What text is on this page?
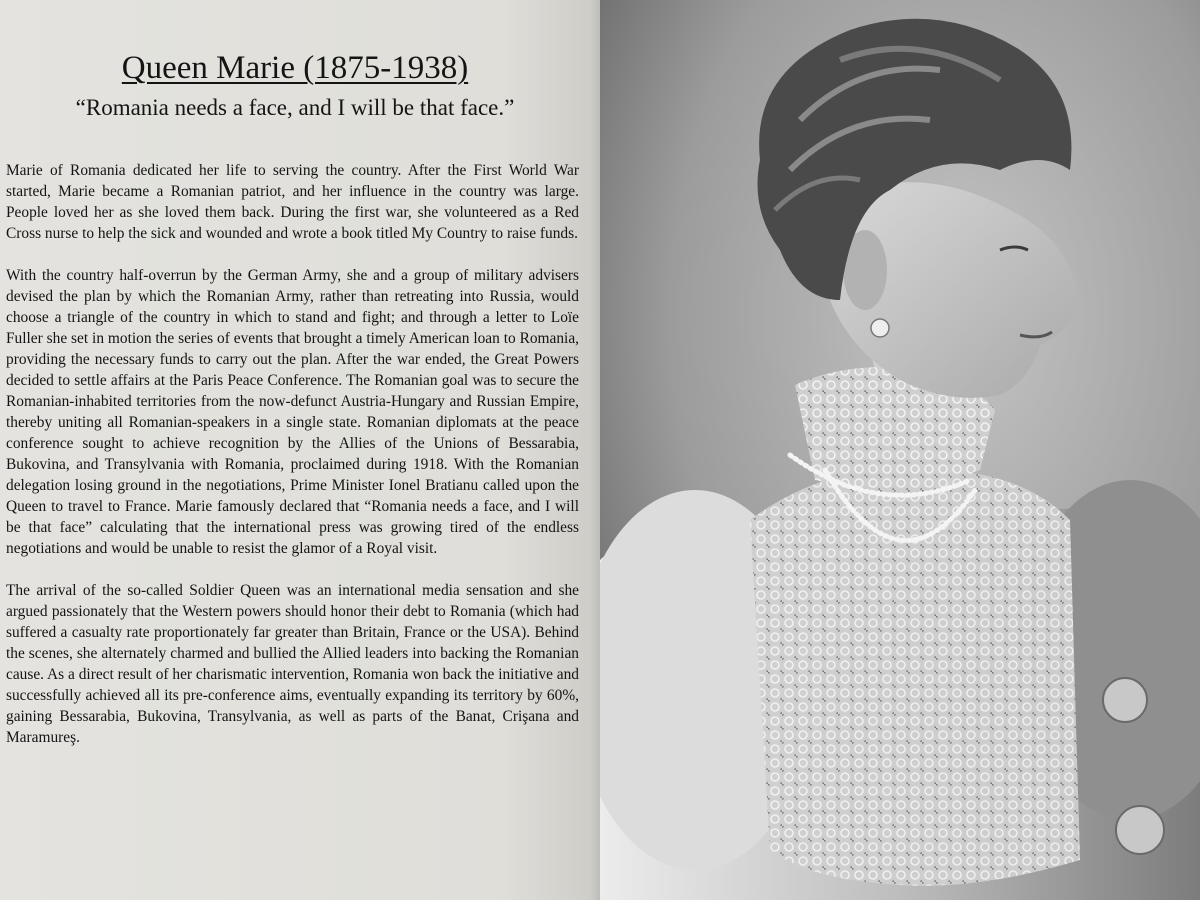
Queen Marie (1875-1938)
“Romania needs a face, and I will be that face.”

Marie of Romania dedicated her life to serving the country. After the First World War started, Marie became a Romanian patriot, and her influence in the country was large. People loved her as she loved them back. During the first war, she volunteered as a Red Cross nurse to help the sick and wounded and wrote a book titled My Country to raise funds.

With the country half-overrun by the German Army, she and a group of military advisers devised the plan by which the Romanian Army, rather than retreating into Russia, would choose a triangle of the country in which to stand and fight; and through a letter to Loïe Fuller she set in motion the series of events that brought a timely American loan to Romania, providing the necessary funds to carry out the plan. After the war ended, the Great Powers decided to settle affairs at the Paris Peace Conference. The Romanian goal was to secure the Romanian-inhabited territories from the now-defunct Austria-Hungary and Russian Empire, thereby uniting all Romanian-speakers in a single state. Romanian diplomats at the peace conference sought to achieve recognition by the Allies of the Unions of Bessarabia, Bukovina, and Transylvania with Romania, proclaimed during 1918. With the Romanian delegation losing ground in the negotiations, Prime Minister Ionel Bratianu called upon the Queen to travel to France. Marie famously declared that “Romania needs a face, and I will be that face” calculating that the international press was growing tired of the endless negotiations and would be unable to resist the glamor of a Royal visit.

The arrival of the so-called Soldier Queen was an international media sensation and she argued passionately that the Western powers should honor their debt to Romania (which had suffered a casualty rate proportionately far greater than Britain, France or the USA). Behind the scenes, she alternately charmed and bullied the Allied leaders into backing the Romanian cause. As a direct result of her charismatic intervention, Romania won back the initiative and successfully achieved all its pre-conference aims, eventually expanding its territory by 60%, gaining Bessarabia, Bukovina, Transylvania, as well as parts of the Banat, Crişana and Maramureş.
